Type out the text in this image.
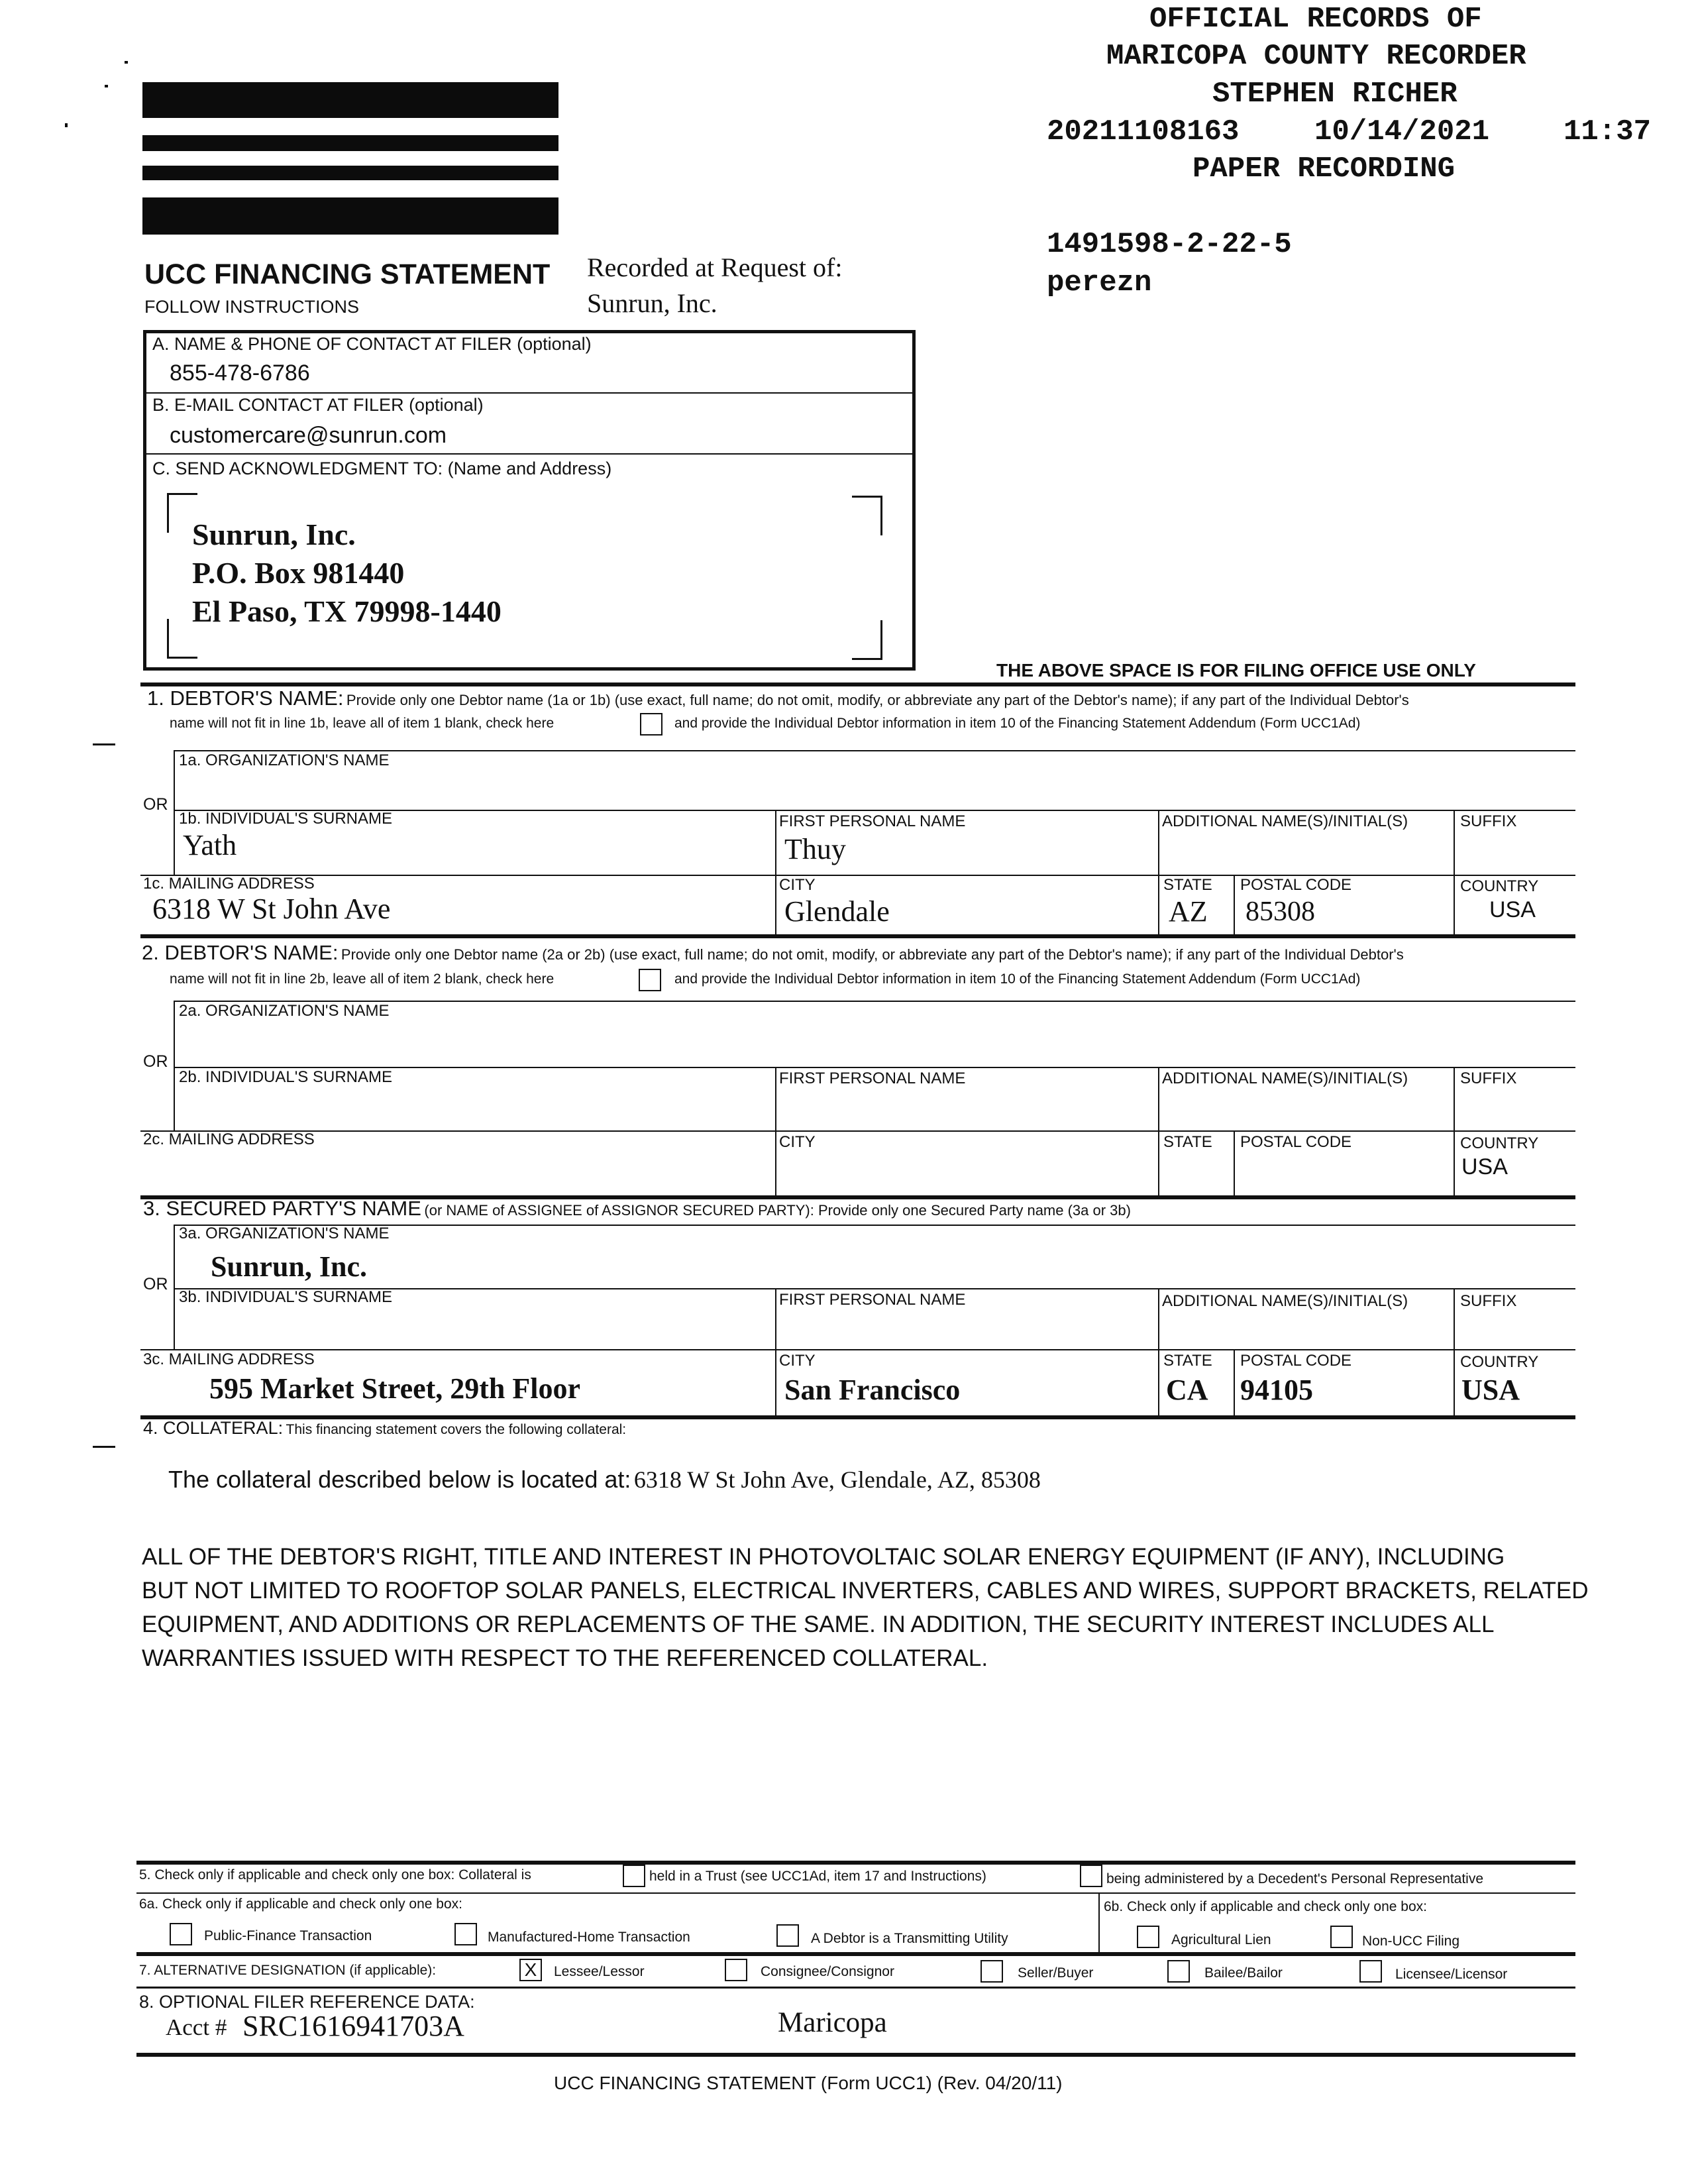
OFFICIAL RECORDS OF
MARICOPA COUNTY RECORDER
STEPHEN RICHER
20211108163	10/14/2021	11:37
PAPER RECORDING
1491598-2-22-5
perezn
UCC FINANCING STATEMENT
FOLLOW INSTRUCTIONS
Recorded at Request of:
Sunrun, Inc.
A. NAME & PHONE OF CONTACT AT FILER (optional)
855-478-6786
B. E-MAIL CONTACT AT FILER (optional)
customercare@sunrun.com
C. SEND ACKNOWLEDGMENT TO: (Name and Address)
Sunrun, Inc.
P.O. Box 981440
El Paso, TX 79998-1440
THE ABOVE SPACE IS FOR FILING OFFICE USE ONLY
1. DEBTOR'S NAME: Provide only one Debtor name (1a or 1b) (use exact, full name; do not omit, modify, or abbreviate any part of the Debtor's name); if any part of the Individual Debtor's
name will not fit in line 1b, leave all of item 1 blank, check here	and provide the Individual Debtor information in item 10 of the Financing Statement Addendum (Form UCC1Ad)
1a. ORGANIZATION'S NAME
OR
1b. INDIVIDUAL'S SURNAME
Yath
FIRST PERSONAL NAME
Thuy
ADDITIONAL NAME(S)/INITIAL(S)	SUFFIX
1c. MAILING ADDRESS
6318 W St John Ave
CITY
Glendale
STATE
AZ
POSTAL CODE
85308
COUNTRY
USA
2. DEBTOR'S NAME: Provide only one Debtor name (2a or 2b) (use exact, full name; do not omit, modify, or abbreviate any part of the Debtor's name); if any part of the Individual Debtor's
name will not fit in line 2b, leave all of item 2 blank, check here	and provide the Individual Debtor information in item 10 of the Financing Statement Addendum (Form UCC1Ad)
2a. ORGANIZATION'S NAME
OR
2b. INDIVIDUAL'S SURNAME	FIRST PERSONAL NAME	ADDITIONAL NAME(S)/INITIAL(S)	SUFFIX
2c. MAILING ADDRESS	CITY	STATE POSTAL CODE	COUNTRY
USA
3. SECURED PARTY'S NAME (or NAME of ASSIGNEE of ASSIGNOR SECURED PARTY): Provide only one Secured Party name (3a or 3b)
3a. ORGANIZATION'S NAME
Sunrun, Inc.
OR
3b. INDIVIDUAL'S SURNAME	FIRST PERSONAL NAME	ADDITIONAL NAME(S)/INITIAL(S)	SUFFIX
3c. MAILING ADDRESS
595 Market Street, 29th Floor
CITY
San Francisco
STATE
CA
POSTAL CODE
94105
COUNTRY
USA
4. COLLATERAL: This financing statement covers the following collateral:
The collateral described below is located at: 6318 W St John Ave, Glendale, AZ, 85308
ALL OF THE DEBTOR'S RIGHT, TITLE AND INTEREST IN PHOTOVOLTAIC SOLAR ENERGY EQUIPMENT (IF ANY), INCLUDING
BUT NOT LIMITED TO ROOFTOP SOLAR PANELS, ELECTRICAL INVERTERS, CABLES AND WIRES, SUPPORT BRACKETS, RELATED
EQUIPMENT, AND ADDITIONS OR REPLACEMENTS OF THE SAME. IN ADDITION, THE SECURITY INTEREST INCLUDES ALL
WARRANTIES ISSUED WITH RESPECT TO THE REFERENCED COLLATERAL.
5. Check only if applicable and check only one box: Collateral is	held in a Trust (see UCC1Ad, item 17 and Instructions)	being administered by a Decedent's Personal Representative
6a. Check only if applicable and check only one box:
Public-Finance Transaction	Manufactured-Home Transaction	A Debtor is a Transmitting Utility
6b. Check only if applicable and check only one box:
Agricultural Lien	Non-UCC Filing
7. ALTERNATIVE DESIGNATION (if applicable):	X	Lessee/Lessor	Consignee/Consignor	Seller/Buyer	Bailee/Bailor	Licensee/Licensor
8. OPTIONAL FILER REFERENCE DATA:
Acct # SRC1616941703A	Maricopa
UCC FINANCING STATEMENT (Form UCC1) (Rev. 04/20/11)
